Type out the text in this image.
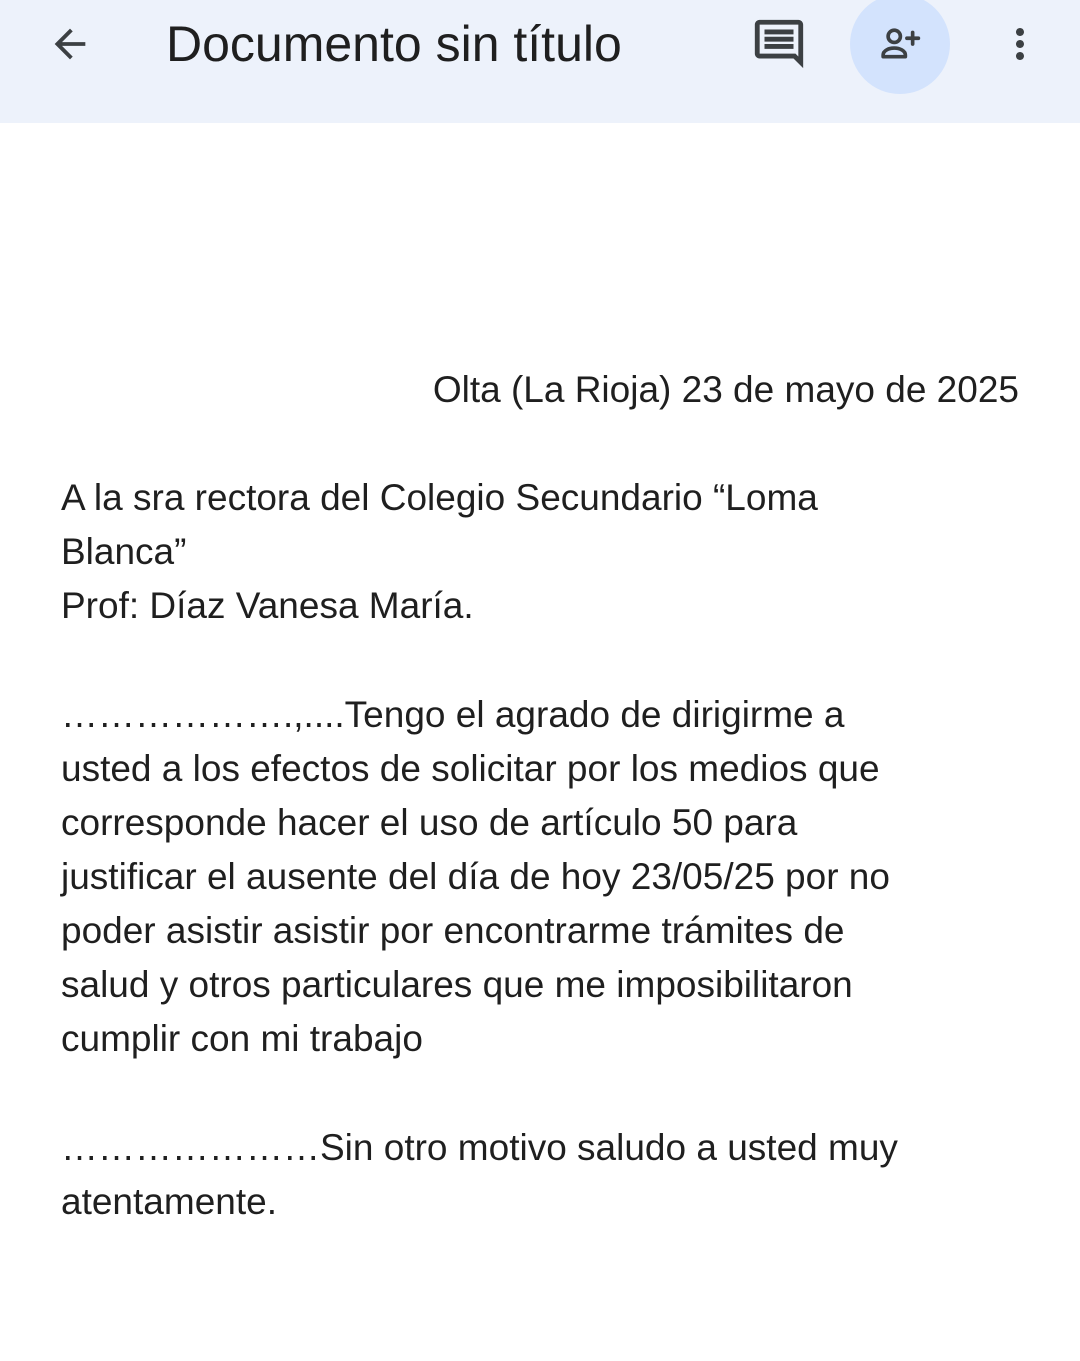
Documento sin título
Olta (La Rioja) 23 de mayo de 2025
A la sra rectora del Colegio Secundario “Loma
Blanca”
Prof: Díaz Vanesa María.
……………….,....Tengo el agrado de dirigirme a
usted a los efectos de solicitar por los medios que
corresponde hacer el uso de artículo 50 para
justificar el ausente del día de hoy 23/05/25 por no
poder asistir asistir por encontrarme trámites de
salud y otros particulares que me imposibilitaron
cumplir con mi trabajo
…………………Sin otro motivo saludo a usted muy
atentamente.
